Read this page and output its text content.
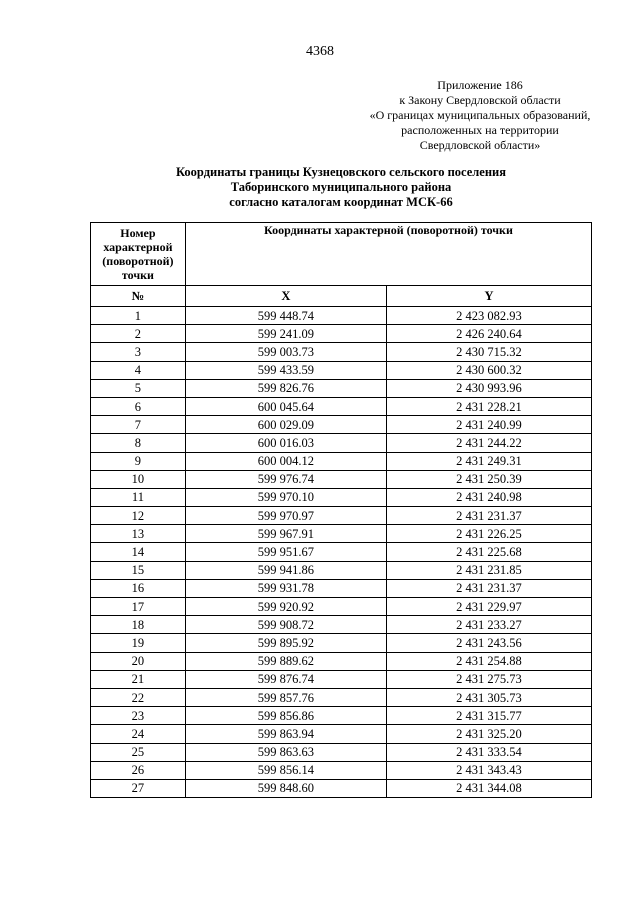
4368
Приложение 186
к Закону Свердловской области
«О границах муниципальных образований,
расположенных на территории
Свердловской области»
Координаты границы Кузнецовского сельского поселения
Таборинского муниципального района
согласно каталогам координат МСК-66
Номер
характерной
(поворотной)
точки	Координаты характерной (поворотной) точки	
№	X	Y
1	599 448.74	2 423 082.93
2	599 241.09	2 426 240.64
3	599 003.73	2 430 715.32
4	599 433.59	2 430 600.32
5	599 826.76	2 430 993.96
6	600 045.64	2 431 228.21
7	600 029.09	2 431 240.99
8	600 016.03	2 431 244.22
9	600 004.12	2 431 249.31
10	599 976.74	2 431 250.39
11	599 970.10	2 431 240.98
12	599 970.97	2 431 231.37
13	599 967.91	2 431 226.25
14	599 951.67	2 431 225.68
15	599 941.86	2 431 231.85
16	599 931.78	2 431 231.37
17	599 920.92	2 431 229.97
18	599 908.72	2 431 233.27
19	599 895.92	2 431 243.56
20	599 889.62	2 431 254.88
21	599 876.74	2 431 275.73
22	599 857.76	2 431 305.73
23	599 856.86	2 431 315.77
24	599 863.94	2 431 325.20
25	599 863.63	2 431 333.54
26	599 856.14	2 431 343.43
27	599 848.60	2 431 344.08
